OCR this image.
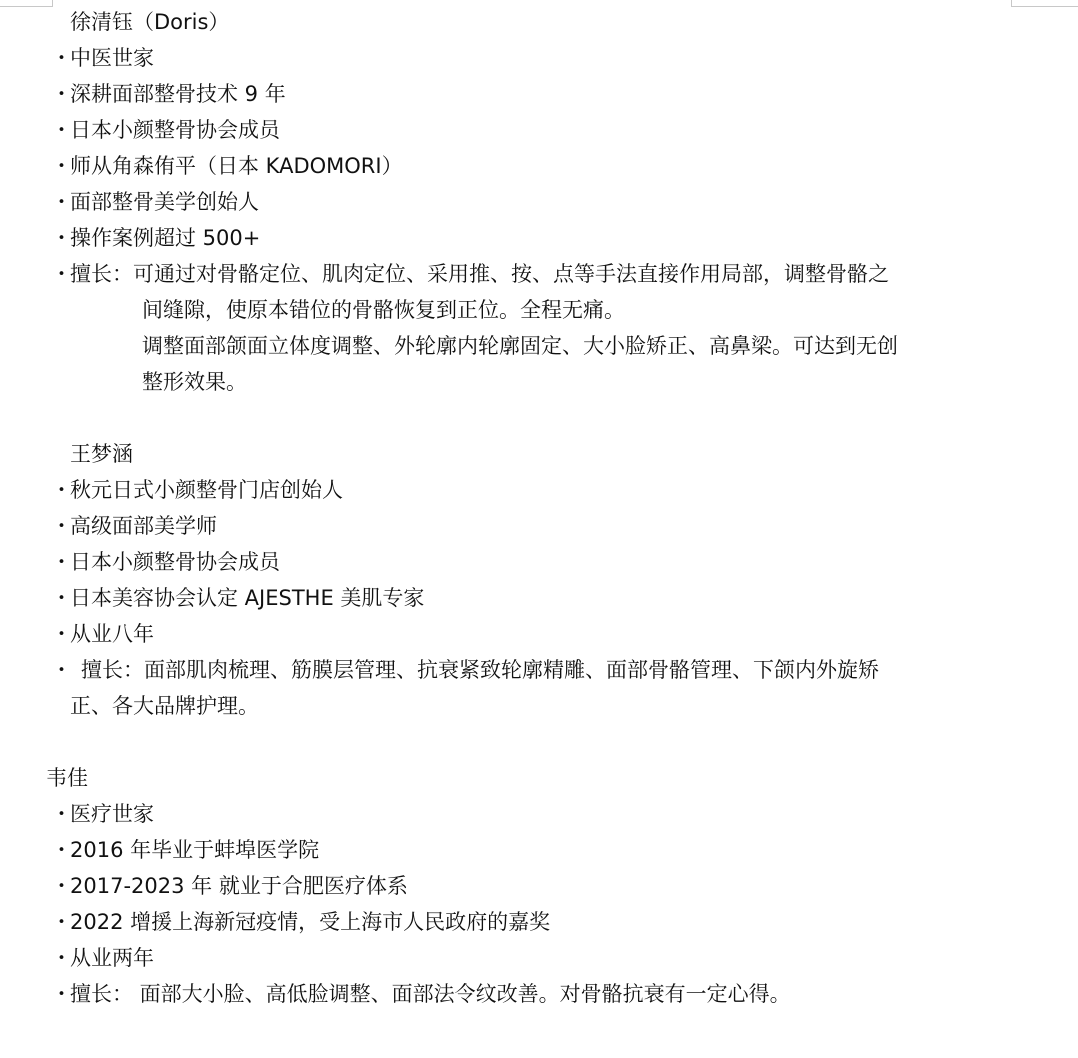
徐清钰（Doris）
・
中医世家
・
深耕面部整骨技术 9 年
・
日本小颜整骨协会成员
・
师从角森侑平（日本 KADOMORI）
・
面部整骨美学创始人
・
操作案例超过 500+
・
擅长：可通过对骨骼定位、肌肉定位、采用推、按、点等手法直接作用局部，调整骨骼之
间缝隙，使原本错位的骨骼恢复到正位。全程无痛。
调整面部颌面立体度调整、外轮廓内轮廓固定、大小脸矫正、高鼻梁。可达到无创
整形效果。
王梦涵
・
秋元日式小颜整骨门店创始人
・
高级面部美学师
・
日本小颜整骨协会成员
・
日本美容协会认定 AJESTHE 美肌专家
・
从业八年
・ 擅长：面部肌肉梳理、筋膜层管理、抗衰紧致轮廓精雕、面部骨骼管理、下颌内外旋矫
正、各大品牌护理。
韦佳
・
医疗世家
・
2016 年毕业于蚌埠医学院
・
2017-2023 年 就业于合肥医疗体系
・
2022 增援上海新冠疫情，受上海市人民政府的嘉奖
・
从业两年
・
擅长： 面部大小脸、高低脸调整、面部法令纹改善。对骨骼抗衰有一定心得。
